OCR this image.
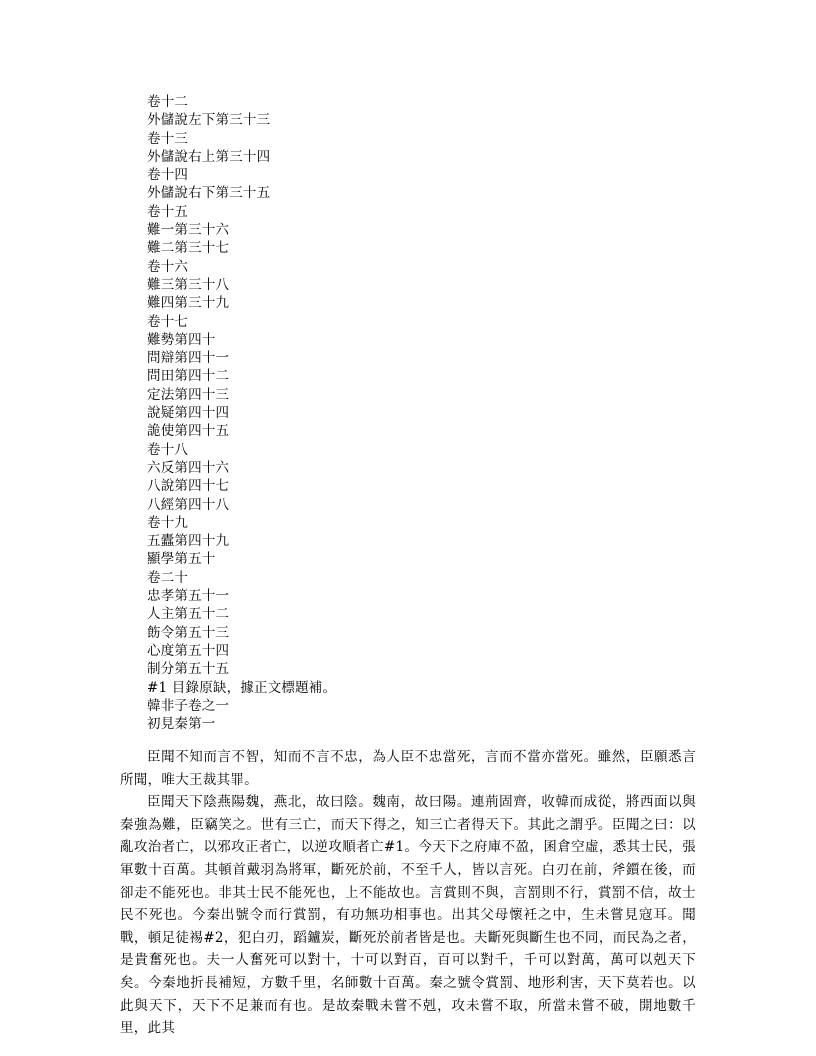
卷十二
外儲說左下第三十三
卷十三
外儲說右上第三十四
卷十四
外儲說右下第三十五
卷十五
難一第三十六
難二第三十七
卷十六
難三第三十八
難四第三十九
卷十七
難勢第四十
問辯第四十一
問田第四十二
定法第四十三
說疑第四十四
詭使第四十五
卷十八
六反第四十六
八說第四十七
八經第四十八
卷十九
五蠹第四十九
顯學第五十
卷二十
忠孝第五十一
人主第五十二
飭令第五十三
心度第五十四
制分第五十五
#1 目錄原缺，據正文標題補。
韓非子卷之一
初見秦第一

臣聞不知而言不智，知而不言不忠，為人臣不忠當死，言而不當亦當死。雖然，臣願悉言所聞，唯大王裁其罪。

臣聞天下陰燕陽魏，燕北，故曰陰。魏南，故曰陽。連荊固齊，收韓而成從，將西面以與秦強為難，臣竊笑之。世有三亡，而天下得之，知三亡者得天下。其此之謂乎。臣聞之曰：以亂攻治者亡，以邪攻正者亡，以逆攻順者亡#1。今天下之府庫不盈，囷倉空虛，悉其士民，張軍數十百萬。其頓首戴羽為將軍，斷死於前，不至千人，皆以言死。白刃在前，斧鑕在後，而卻走不能死也。非其士民不能死也，上不能故也。言賞則不與，言罰則不行，賞罰不信，故士民不死也。今秦出號令而行賞罰，有功無功相事也。出其父母懷衽之中，生未嘗見寇耳。聞戰，頓足徒裼#2，犯白刃，蹈鑪炭，斷死於前者皆是也。夫斷死與斷生也不同，而民為之者，是貴奮死也。夫一人奮死可以對十，十可以對百，百可以對千，千可以對萬，萬可以剋天下矣。今秦地折長補短，方數千里，名師數十百萬。秦之號令賞罰、地形利害，天下莫若也。以此與天下，天下不足兼而有也。是故秦戰未嘗不剋，攻未嘗不取，所當未嘗不破，開地數千里，此其
